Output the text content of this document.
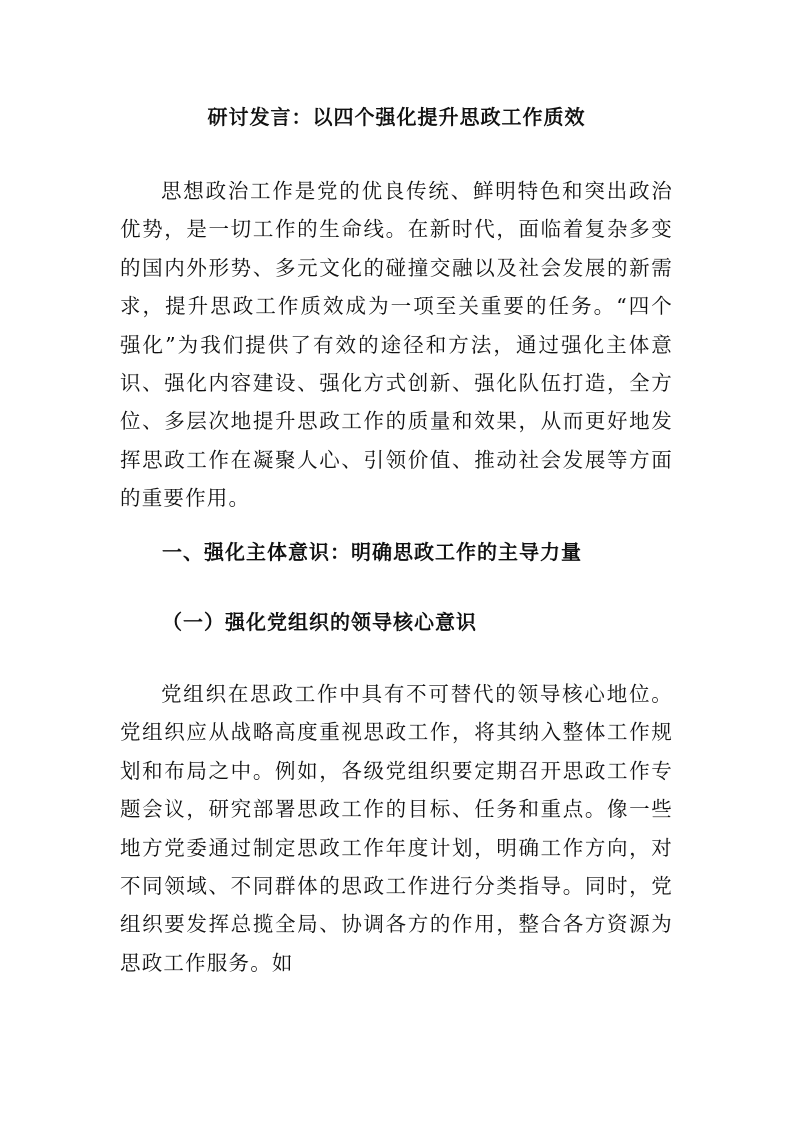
研讨发言：以四个强化提升思政工作质效
思想政治工作是党的优良传统、鲜明特色和突出政治优势，是一切工作的生命线。在新时代，面临着复杂多变的国内外形势、多元文化的碰撞交融以及社会发展的新需求，提升思政工作质效成为一项至关重要的任务。“四个强化”为我们提供了有效的途径和方法，通过强化主体意识、强化内容建设、强化方式创新、强化队伍打造，全方位、多层次地提升思政工作的质量和效果，从而更好地发挥思政工作在凝聚人心、引领价值、推动社会发展等方面的重要作用。
一、强化主体意识：明确思政工作的主导力量
（一）强化党组织的领导核心意识
党组织在思政工作中具有不可替代的领导核心地位。党组织应从战略高度重视思政工作，将其纳入整体工作规划和布局之中。例如，各级党组织要定期召开思政工作专题会议，研究部署思政工作的目标、任务和重点。像一些地方党委通过制定思政工作年度计划，明确工作方向，对不同领域、不同群体的思政工作进行分类指导。同时，党组织要发挥总揽全局、协调各方的作用，整合各方资源为思政工作服务。如
